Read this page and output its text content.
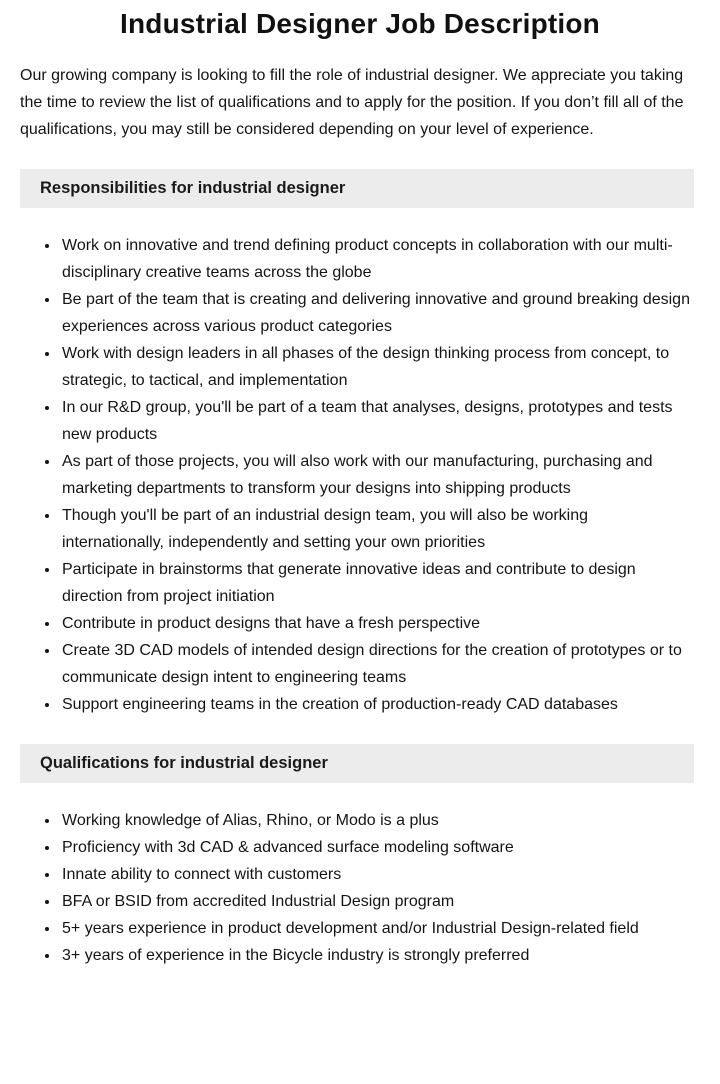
Industrial Designer Job Description

Our growing company is looking to fill the role of industrial designer. We appreciate you taking the time to review the list of qualifications and to apply for the position. If you don’t fill all of the qualifications, you may still be considered depending on your level of experience.

Responsibilities for industrial designer
• Work on innovative and trend defining product concepts in collaboration with our multi-disciplinary creative teams across the globe
• Be part of the team that is creating and delivering innovative and ground breaking design experiences across various product categories
• Work with design leaders in all phases of the design thinking process from concept, to strategic, to tactical, and implementation
• In our R&D group, you'll be part of a team that analyses, designs, prototypes and tests new products
• As part of those projects, you will also work with our manufacturing, purchasing and marketing departments to transform your designs into shipping products
• Though you'll be part of an industrial design team, you will also be working internationally, independently and setting your own priorities
• Participate in brainstorms that generate innovative ideas and contribute to design direction from project initiation
• Contribute in product designs that have a fresh perspective
• Create 3D CAD models of intended design directions for the creation of prototypes or to communicate design intent to engineering teams
• Support engineering teams in the creation of production-ready CAD databases
Qualifications for industrial designer
• Working knowledge of Alias, Rhino, or Modo is a plus
• Proficiency with 3d CAD & advanced surface modeling software
• Innate ability to connect with customers
• BFA or BSID from accredited Industrial Design program
• 5+ years experience in product development and/or Industrial Design-related field
• 3+ years of experience in the Bicycle industry is strongly preferred
